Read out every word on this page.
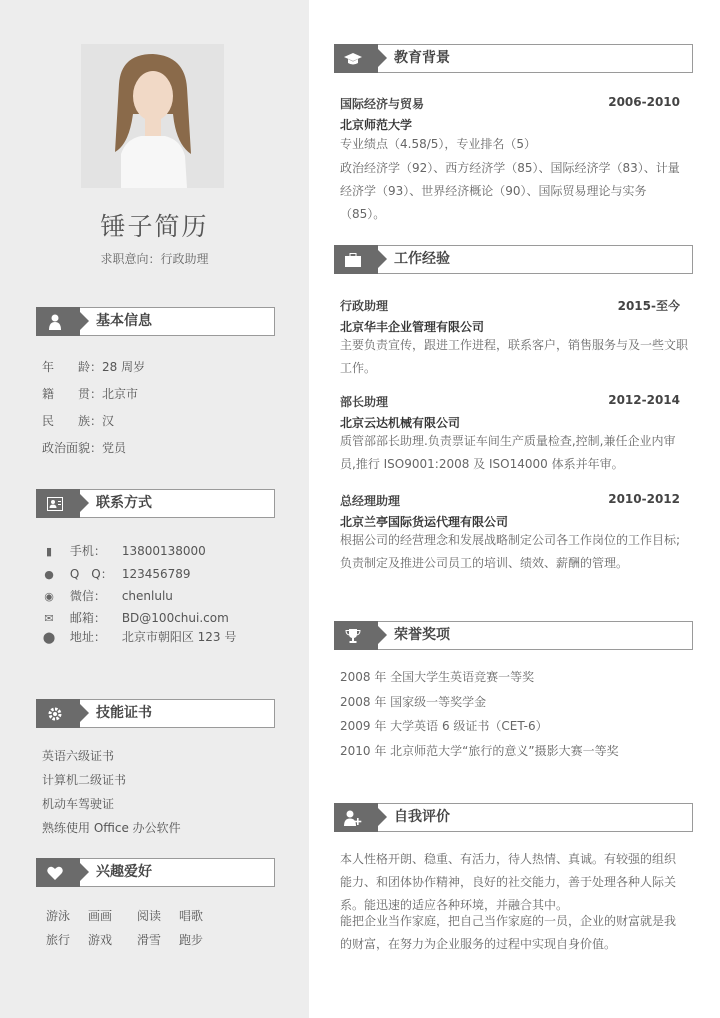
锤子简历
求职意向：行政助理
基本信息
年　　龄：28 周岁
籍　　贯：北京市
民　　族：汉
政治面貌：党员
联系方式
▮ 手机： 13800138000
● Q　Q： 123456789
◉ 微信： chenlulu
✉ 邮箱： BD@100chui.com
⬤ 地址： 北京市朝阳区 123 号
技能证书
英语六级证书
计算机二级证书
机动车驾驶证
熟练使用 Office 办公软件
兴趣爱好
游泳 画画 阅读 唱歌
旅行 游戏 滑雪 跑步
教育背景
国际经济与贸易	2006-2010
北京师范大学
专业绩点（4.58/5），专业排名（5）
政治经济学（92）、西方经济学（85）、国际经济学（83）、计量经济学（93）、世界经济概论（90）、国际贸易理论与实务（85）。
工作经验
行政助理	2015-至今
北京华丰企业管理有限公司
主要负责宣传，跟进工作进程，联系客户，销售服务与及一些文职工作。
部长助理	2012-2014
北京云达机械有限公司
质管部部长助理.负责票证车间生产质量检查,控制,兼任企业内审员,推行 ISO9001:2008 及 ISO14000 体系并年审。
总经理助理	2010-2012
北京兰亭国际货运代理有限公司
根据公司的经营理念和发展战略制定公司各工作岗位的工作目标;负责制定及推进公司员工的培训、绩效、薪酬的管理。
荣誉奖项
2008 年 全国大学生英语竞赛一等奖
2008 年 国家级一等奖学金
2009 年 大学英语 6 级证书（CET-6）
2010 年 北京师范大学“旅行的意义”摄影大赛一等奖
自我评价
本人性格开朗、稳重、有活力，待人热情、真诚。有较强的组织能力、和团体协作精神，良好的社交能力，善于处理各种人际关系。能迅速的适应各种环境，并融合其中。
能把企业当作家庭，把自己当作家庭的一员，企业的财富就是我的财富，在努力为企业服务的过程中实现自身价值。
